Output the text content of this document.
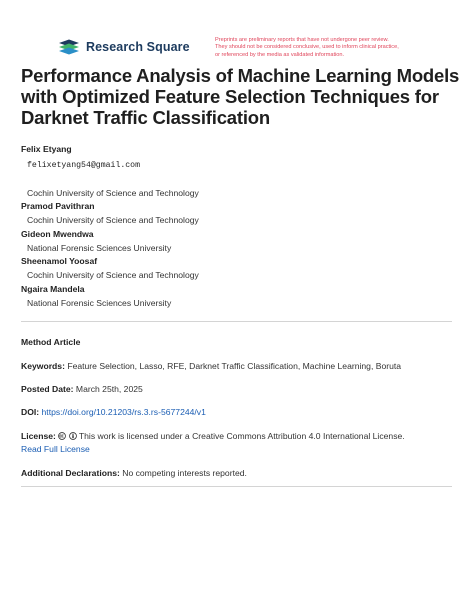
Research Square	Preprints are preliminary reports that have not undergone peer review.
They should not be considered conclusive, used to inform clinical practice,
or referenced by the media as validated information.
Performance Analysis of Machine Learning Models with Optimized Feature Selection Techniques for Darknet Traffic Classification
Felix Etyang
felixetyang54@gmail.com
Cochin University of Science and Technology
Pramod Pavithran
Cochin University of Science and Technology
Gideon Mwendwa
National Forensic Sciences University
Sheenamol Yoosaf
Cochin University of Science and Technology
Ngaira Mandela
National Forensic Sciences University
Method Article
Keywords: Feature Selection, Lasso, RFE, Darknet Traffic Classification, Machine Learning, Boruta
Posted Date: March 25th, 2025
DOI: https://doi.org/10.21203/rs.3.rs-5677244/v1
License:	This work is licensed under a Creative Commons Attribution 4.0 International License.
Read Full License
Additional Declarations: No competing interests reported.
